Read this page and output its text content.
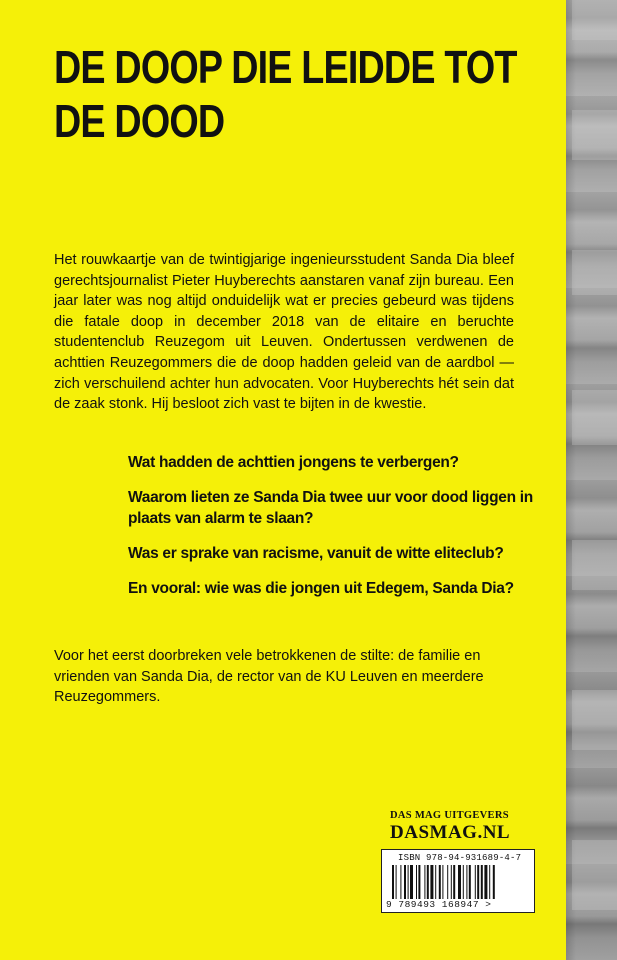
DE DOOP DIE LEIDDE TOT DE DOOD

Het rouwkaartje van de twintigjarige ingenieursstudent Sanda Dia bleef gerechtsjournalist Pieter Huyberechts aanstaren vanaf zijn bureau. Een jaar later was nog altijd onduidelijk wat er precies gebeurd was tijdens die fatale doop in december 2018 van de elitaire en beruchte studentenclub Reuzegom uit Leuven. Ondertussen verdwenen de achttien Reuzegommers die de doop hadden geleid van de aardbol — zich verschuilend achter hun advocaten. Voor Huyberechts hét sein dat de zaak stonk. Hij besloot zich vast te bijten in de kwestie.

Wat hadden de achttien jongens te verbergen?
Waarom lieten ze Sanda Dia twee uur voor dood liggen in plaats van alarm te slaan?
Was er sprake van racisme, vanuit de witte eliteclub?
En vooral: wie was die jongen uit Edegem, Sanda Dia?

Voor het eerst doorbreken vele betrokkenen de stilte: de familie en vrienden van Sanda Dia, de rector van de KU Leuven en meerdere Reuzegommers.

DAS MAG UITGEVERS
DASMAG.NL
ISBN 978-94-931689-4-7
9 789493 168947 >
